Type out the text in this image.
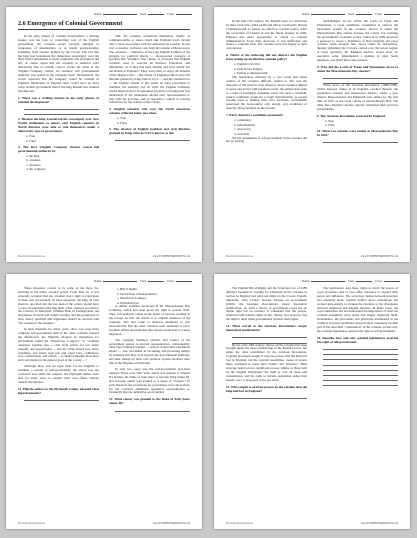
Name	Date	Class
2.6 Emergence of Colonial Government

In the early phases of colonial development, a striking feature was the lack of controlling role of the English government. All colonies except Georgia emerged as companies of shareholders, or as feudal proprietorships stemming from charters granted by the Crown. The fact that the king had transferred his immediate sovereignty over the New World settlements to stock companies and proprietors did not, of course, mean that the colonists in America were necessarily free of outside control. Under the terms of the Virginia Company charter, for example, full governmental authority was vested in the company itself. Nevertheless, the crown expected that the company would be resident in England. Inhabitants of Virginia, then, would have no more voice in their government than if the king himself had retained absolute rule.

1. What was a striking feature in the early phases of colonial development?
2. Because the king transferred his sovereignty over New World settlements to others, only English colonists in North America were able to rule themselves under a democratic type of government.
a. True
b. False
3. The first Virginia Company charter vested full governmental authority in:
a. the king
b. colonists
c. investors
d. the company

Still, the colonies considered themselves chiefly as commonwealths or states, much like England itself, having only a loose association with the authorities in London. In one way or another, exclusive rule from the outside withered away. The colonists — inheritors of the long English tradition of the struggle for political liberty — incorporated concepts of freedom into Virginia's first charter. It provided that English colonists were to exercise all liberties, franchises, and immunities "as if they had been abiding and born within this our Realm of England." They were, then, to enjoy the benefits of the Magna Carta — the charter of English political and civil liberties granted by King John in 1215 — and the common law — the English system of law based on legal precedents or tradition, not statutory law. In 1618, the Virginia Company issued instructions to its appointed governor providing that free inhabitants of the plantations should elect representatives to join with the governor and an appointive council in passing ordinances for the welfare of the colony.

4. English colonists rule over the North American colonies reflected many new ideas.
a. True
b. False
5. The charter of English political and civil liberties granted by King John in 1215 is known as the:
Free Education Resources	www.STUDENTHANDOUTS.com
Name	Date	Class

In the mid-17th century, the English were too distracted by their Civil War (1642-1649) and Oliver Cromwell's Puritan Commonwealth to pursue an effective colonial policy. After the restoration of Charles II and the Stuart dynasty in 1660, England had more opportunity to attend to colonial administration. Even then, however, it was inefficient and lacked a coherent plan. The colonies were left largely to their own devices.

6. Which of the following did not distract the English from setting up an effective colonial policy?
a. English Civil War
b. Irish Potato Famine
c. Puritan Commonwealth

The remoteness afforded by a vast ocean also made control of the colonies difficult. Added to this was the character of life itself in early America. From countries limited in space and dotted with populous towns, the settlers had come to a land of seemingly unending reach. On such a continent, natural conditions promoted a tough individualism, as people became used to making their own decisions. Government penetrated the backcountry only slowly, and conditions of anarchy often prevailed on the frontier.

7. Early America's conditions promoted:
a. community
b. individualism
c. aristocracy
d. socialism

Yet the assumption of self-government in the colonies did not go entirely

unchallenged. In the 1670s, the Lords of Trade and Plantations, a royal committee established to enforce the mercantile system in the colonies, moved to annul the Massachusetts Bay charter because the colony was resisting the government's economic policy. James II in 1685 approved a proposal to create a Dominion of New England and place colonies south through New Jersey under its jurisdiction, thereby tightening the Crown's control over the whole region. A royal governor, Sir Edmund Andros, levied taxes by executive order, implemented a number of other harsh measures, and jailed those who resisted.

8. Why did the Lords of Trade and Plantations move to annul the Massachusetts Bay charter?

When news of the Glorious Revolution (1688-1689), which deposed James II in England, reached Boston, the population rebelled and imprisoned Andros. Under a new charter, Massachusetts and Plymouth were united for the first time in 1691 as the royal colony of Massachusetts Bay. The other New England colonies quickly reinstalled their previous governments.

9. The Glorious Revolution occurred in England.
a. True
b. False
10. What two colonies were united as Massachusetts Bay in 1691?
Free Education Resources	www.STUDENTHANDOUTS.com
Name	Date	Class

These measures proved to be some of the more far-reaching in the entire colonial period. From then on, it was generally accepted that the colonists had a right to participate in their own government. In most instances, the king, in later charters, provided that the free men of the colony should have a voice in legislation affecting them. Thus, charters awarded to the Calverts in Maryland, William Penn in Pennsylvania, the proprietors in North and South Carolina, and the proprietors in New Jersey specified that legislation should be enacted with "the consent of the freemen."

In New England, for many years, there was even more complete self-government than in the other colonies. Aboard the Mayflower, the Pilgrims adopted an instrument for government called the "Mayflower Compact," to "combine ourselves together into a civil body politic for our better ordering and preservation ... and by virtue hereof [to] enact, constitute, and frame such just and equal laws, ordinances, acts, constitutions, and offices ... as shall be thought most meet and convenient for the general good of the colony ...."

Although there was no legal basis for the Pilgrims to establish a system of self-government, the action was not contested, and, under the compact, the Plymouth settlers were able for many years to conduct their own affairs without outside interference.

11. Pilgrim settlers to the Plymouth Colony adopted what legal document?
a. Bill of Rights
b. Declaration of Independence
c. Mayflower Compact
d. Plymouth Pact

A similar situation developed in the Massachusetts Bay Company, which had been given the right to govern itself. Thus, full authority rested in the hands of persons residing in the colony. At first, the dozen or so original members of the company who had come to America attempted to rule autocratically. But the other colonists soon demanded a voice in public affairs and indicated that refusal would lead to a mass migration.

The company members yielded, and control of the government passed to elected representatives. Subsequently, other New England colonies — such as Connecticut and Rhode Island — also succeeded in becoming self-governing simply by asserting that they were beyond any governmental authority, and then setting up their own political system modeled after that of the Pilgrims at Plymouth.

In only two cases was the self-government provision omitted. These were New York, which was granted to Charles II's brother, the Duke of York (later to become King James II), and Georgia, which was granted to a group of "trustees." In both instances the provisions for governance were short-lived, for the colonists demanded legislative representation so insistently that the authorities soon yielded.

13. What colony was granted to the Duke of York (later James II)?
Free Education Resources	www.STUDENTHANDOUTS.com
Name	Date	Class

The English Bill of Rights and the Toleration Act of 1689 affirmed freedom of worship for Christians in the colonies as well as in England and enforced limits on the Crown. Equally important, John Locke's Second Treatise on Government (1690), the Glorious Revolution's major theoretical justification, set forth a theory of government based not on divine right but on contract. It contended that the people, endowed with natural rights of life, liberty, and property, had the right to rebel when governments violated their rights.

14. What served as the Glorious Revolution's major theoretical justification?

By the early 18th century, almost all the colonies had been brought under the direct jurisdiction of the British Crown, but under the rules established by the Glorious Revolution. Colonial governors sought to exercise powers that the king had lost in England, but the colonial assemblies, aware of events there, attempted to assert their "rights" and "liberties." Their leverage rested on two significant powers similar to those held by the English Parliament: the right to vote on taxes and expenditures, and the right to initiate legislation rather than merely react to proposals of the governor.

15. Who sought to exercise powers in the colonies that the king had lost in England?

The legislatures used these rights to check the power of royal governors and to pass other measures to expand their power and influence. The recurring clashes between governor and assembly made colonial politics more contentious and worked increasingly to awaken the colonists to the divergence between American and English interests. In many cases, the royal authorities did not understand the importance of what the colonial assemblies were doing and simply neglected them. Nonetheless, the precedents and principles established in the conflicts between assemblies and governors eventually became part of the unwritten "constitution" of the colonies. In this way, the colonial legislatures asserted the right of self-government.

16. Describe how and why colonial legislatures asserted the right of self-government.
Free Education Resources	www.STUDENTHANDOUTS.com
